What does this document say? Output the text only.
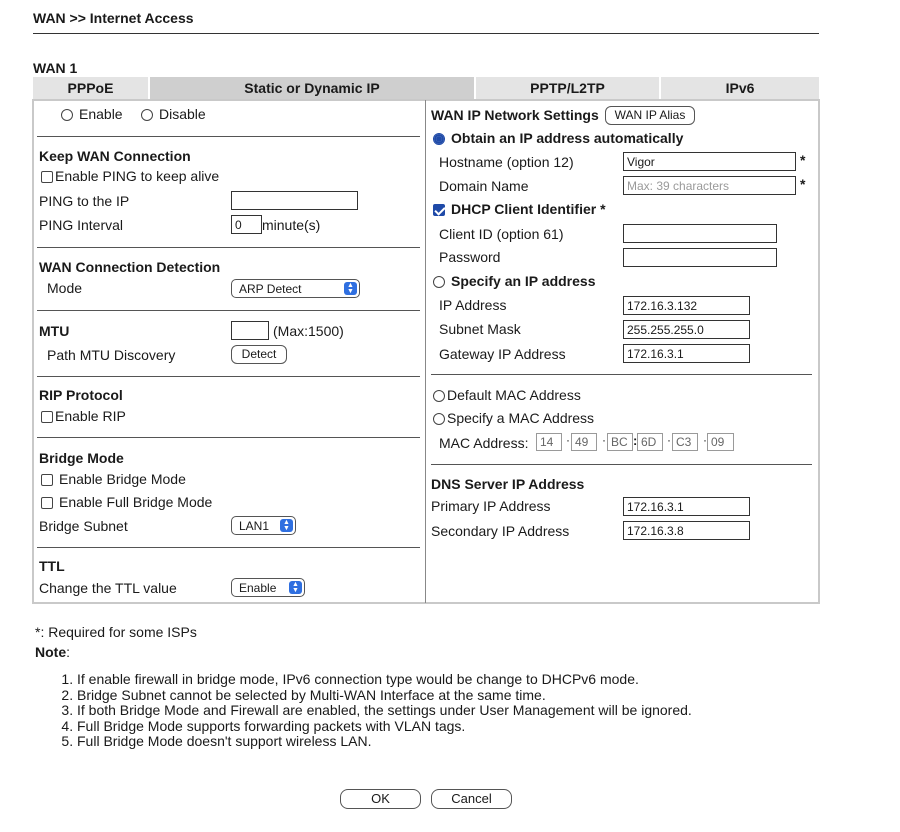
WAN >> Internet Access
WAN 1
PPPoE	Static or Dynamic IP	PPTP/L2TP	IPv6
Enable	Disable
Keep WAN Connection
Enable PING to keep alive
PING to the IP
PING Interval	0	minute(s)
WAN Connection Detection
Mode	ARP Detect	▲
▼
MTU	(Max:1500)
Path MTU Discovery	Detect
RIP Protocol
Enable RIP
Bridge Mode
Enable Bridge Mode
Enable Full Bridge Mode
Bridge Subnet	LAN1	▲
▼
TTL
Change the TTL value	Enable	▲
▼
WAN IP Network Settings	WAN IP Alias
Obtain an IP address automatically
Hostname (option 12)	Vigor	*
Domain Name	Max: 39 characters	*
DHCP Client Identifier *
Client ID (option 61)
Password
Specify an IP address
IP Address	172.16.3.132
Subnet Mask	255.255.255.0
Gateway IP Address	172.16.3.1
Default MAC Address
Specify a MAC Address
MAC Address: 14	· 49	· BC : 6D · C3 · 09
DNS Server IP Address
Primary IP Address	172.16.3.1
Secondary IP Address	172.16.3.8
*: Required for some ISPs
Note:
1. If enable firewall in bridge mode, IPv6 connection type would be change to DHCPv6 mode.
2. Bridge Subnet cannot be selected by Multi-WAN Interface at the same time.
3. If both Bridge Mode and Firewall are enabled, the settings under User Management will be ignored.
4. Full Bridge Mode supports forwarding packets with VLAN tags.
5. Full Bridge Mode doesn't support wireless LAN.
OK	Cancel
